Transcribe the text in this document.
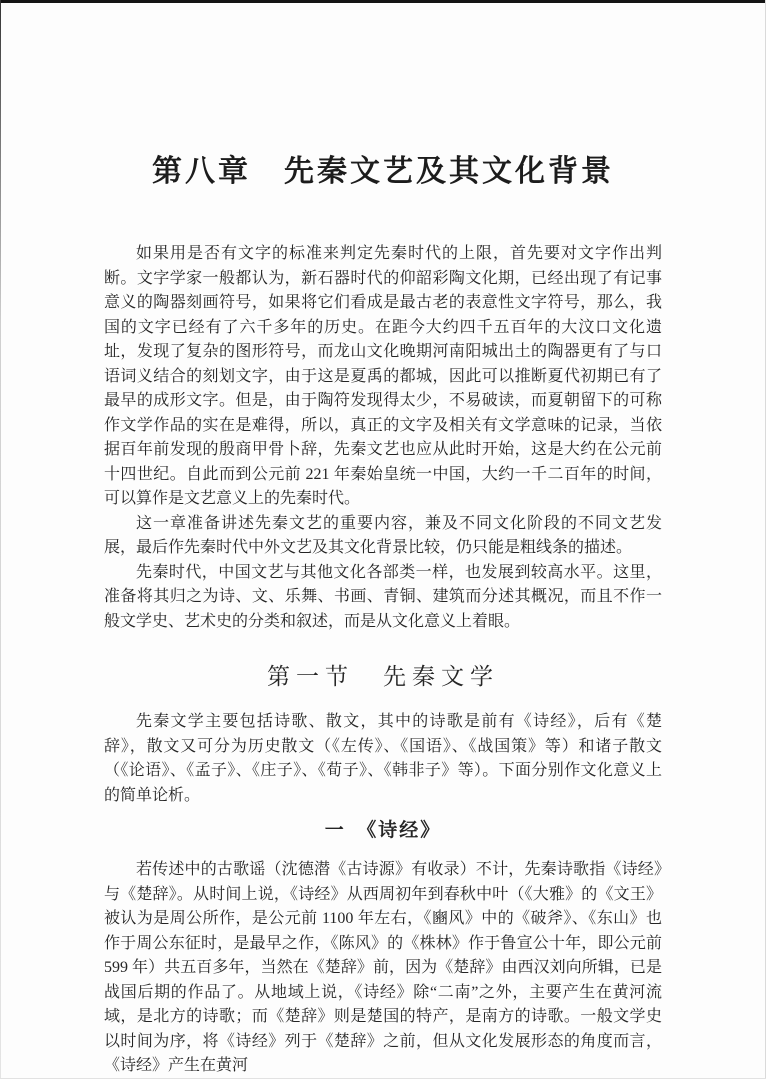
第八章　先秦文艺及其文化背景

如果用是否有文字的标准来判定先秦时代的上限，首先要对文字作出判断。文字学家一般都认为，新石器时代的仰韶彩陶文化期，已经出现了有记事意义的陶器刻画符号，如果将它们看成是最古老的表意性文字符号，那么，我国的文字已经有了六千多年的历史。在距今大约四千五百年的大汶口文化遗址，发现了复杂的图形符号，而龙山文化晚期河南阳城出土的陶器更有了与口语词义结合的刻划文字，由于这是夏禹的都城，因此可以推断夏代初期已有了最早的成形文字。但是，由于陶符发现得太少，不易破读，而夏朝留下的可称作文学作品的实在是难得，所以，真正的文字及相关有文学意味的记录，当依据百年前发现的殷商甲骨卜辞，先秦文艺也应从此时开始，这是大约在公元前十四世纪。自此而到公元前 221 年秦始皇统一中国，大约一千二百年的时间，可以算作是文艺意义上的先秦时代。

这一章准备讲述先秦文艺的重要内容，兼及不同文化阶段的不同文艺发展，最后作先秦时代中外文艺及其文化背景比较，仍只能是粗线条的描述。

先秦时代，中国文艺与其他文化各部类一样，也发展到较高水平。这里，准备将其归之为诗、文、乐舞、书画、青铜、建筑而分述其概况，而且不作一般文学史、艺术史的分类和叙述，而是从文化意义上着眼。

第一节　先秦文学

先秦文学主要包括诗歌、散文，其中的诗歌是前有《诗经》，后有《楚辞》，散文又可分为历史散文（《左传》、《国语》、《战国策》等）和诸子散文（《论语》、《孟子》、《庄子》、《荀子》、《韩非子》等）。下面分别作文化意义上的简单论析。

一　《诗经》

若传述中的古歌谣（沈德潜《古诗源》有收录）不计，先秦诗歌指《诗经》与《楚辞》。从时间上说，《诗经》从西周初年到春秋中叶（《大雅》的《文王》被认为是周公所作，是公元前 1100 年左右，《豳风》中的《破斧》、《东山》也作于周公东征时，是最早之作，《陈风》的《株林》作于鲁宣公十年，即公元前 599 年）共五百多年，当然在《楚辞》前，因为《楚辞》由西汉刘向所辑，已是战国后期的作品了。从地域上说，《诗经》除“二南”之外，主要产生在黄河流域，是北方的诗歌；而《楚辞》则是楚国的特产，是南方的诗歌。一般文学史以时间为序，将《诗经》列于《楚辞》之前，但从文化发展形态的角度而言，《诗经》产生在黄河
